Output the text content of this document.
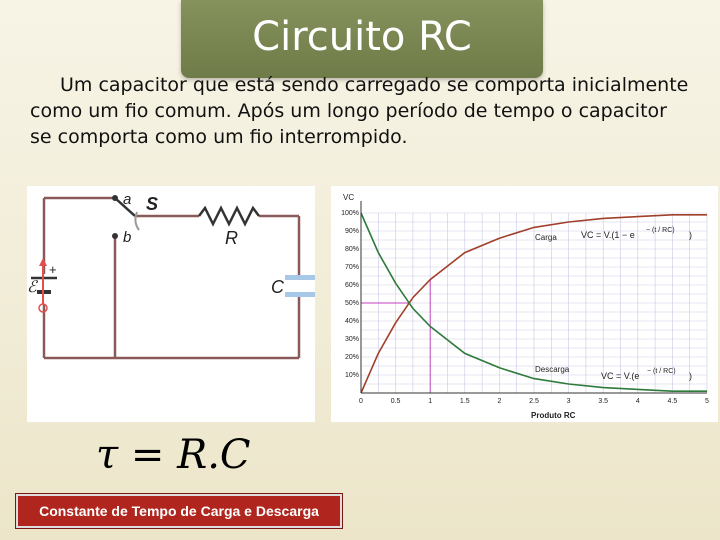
Circuito RC
Um capacitor que está sendo carregado se comporta inicialmente
como um fio comum. Após um longo período de tempo o capacitor
se comporta como um fio interrompido.
a
b
S
R
C
+
ℰ
0	0.5	1	1.5	2	2.5	3	3.5	4	4.5	5
10%
20%
30%
40%
50%
60%
70%
80%
90%
100%
VC
Produto RC
Carga	VC = V.(1 − e − (t / RC) )
Descarga
VC = V.(e − (t / RC) )
τ = R.C
Constante de Tempo de Carga e Descarga
